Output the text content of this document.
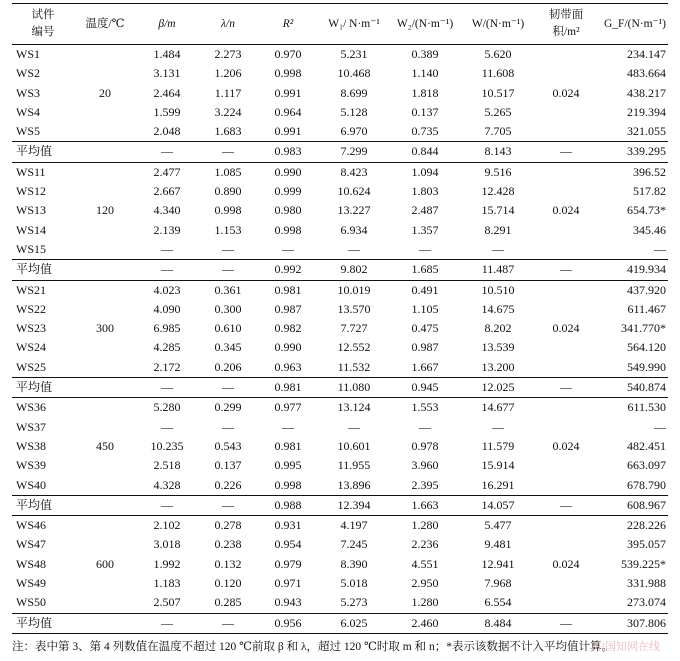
试件编号	温度/℃	β/m	λ/n	R²	W₁/ N·m⁻¹	W₂/(N·m⁻¹)	W/(N·m⁻¹)	韧带面积/m²	G_F/(N·m⁻¹)
WS1	20	1.484	2.273	0.970	5.231	0.389	5.620	0.024	234.147
WS2		3.131	1.206	0.998	10.468	1.140	11.608		483.664
WS3		2.464	1.117	0.991	8.699	1.818	10.517		438.217
WS4		1.599	3.224	0.964	5.128	0.137	5.265		219.394
WS5		2.048	1.683	0.991	6.970	0.735	7.705		321.055
平均值		—	—	0.983	7.299	0.844	8.143	—	339.295
WS11	120	2.477	1.085	0.990	8.423	1.094	9.516	0.024	396.52
WS12		2.667	0.890	0.999	10.624	1.803	12.428		517.82
WS13		4.340	0.998	0.980	13.227	2.487	15.714		654.73*
WS14		2.139	1.153	0.998	6.934	1.357	8.291		345.46
WS15		—	—	—	—	—	—		—
平均值		—	—	0.992	9.802	1.685	11.487	—	419.934
WS21	300	4.023	0.361	0.981	10.019	0.491	10.510	0.024	437.920
WS22		4.090	0.300	0.987	13.570	1.105	14.675		611.467
WS23		6.985	0.610	0.982	7.727	0.475	8.202		341.770*
WS24		4.285	0.345	0.990	12.552	0.987	13.539		564.120
WS25		2.172	0.206	0.963	11.532	1.667	13.200		549.990
平均值		—	—	0.981	11.080	0.945	12.025	—	540.874
WS36	450	5.280	0.299	0.977	13.124	1.553	14.677	0.024	611.530
WS37		—	—	—	—	—	—		—
WS38		10.235	0.543	0.981	10.601	0.978	11.579		482.451
WS39		2.518	0.137	0.995	11.955	3.960	15.914		663.097
WS40		4.328	0.226	0.998	13.896	2.395	16.291		678.790
平均值		—	—	0.988	12.394	1.663	14.057	—	608.967
WS46	600	2.102	0.278	0.931	4.197	1.280	5.477	0.024	228.226
WS47		3.018	0.238	0.954	7.245	2.236	9.481		395.057
WS48		1.992	0.132	0.979	8.390	4.551	12.941		539.225*
WS49		1.183	0.120	0.971	5.018	2.950	7.968		331.988
WS50		2.507	0.285	0.943	5.273	1.280	6.554		273.074
平均值		—	—	0.956	6.025	2.460	8.484	—	307.806
注：表中第 3、第 4 列数值在温度不超过 120 ℃前取 β 和 λ，超过 120 ℃时取 m 和 n；*表示该数据不计入平均值计算。
中国知网在线
